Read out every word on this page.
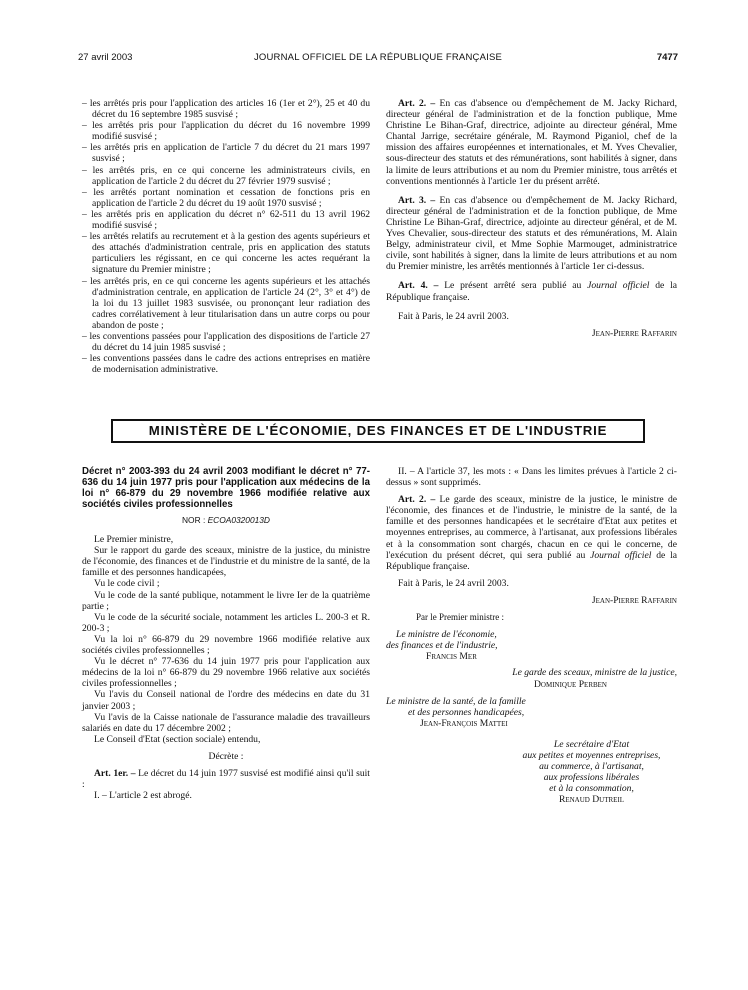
27 avril 2003	JOURNAL OFFICIEL DE LA RÉPUBLIQUE FRANÇAISE	7477

– les arrêtés pris pour l'application des articles 16 (1er et 2°), 25 et 40 du décret du 16 septembre 1985 susvisé ;

– les arrêtés pris pour l'application du décret du 16 novembre 1999 modifié susvisé ;

– les arrêtés pris en application de l'article 7 du décret du 21 mars 1997 susvisé ;

– les arrêtés pris, en ce qui concerne les administrateurs civils, en application de l'article 2 du décret du 27 février 1979 susvisé ;

– les arrêtés portant nomination et cessation de fonctions pris en application de l'article 2 du décret du 19 août 1970 susvisé ;

– les arrêtés pris en application du décret n° 62-511 du 13 avril 1962 modifié susvisé ;

– les arrêtés relatifs au recrutement et à la gestion des agents supérieurs et des attachés d'administration centrale, pris en application des statuts particuliers les régissant, en ce qui concerne les actes requérant la signature du Premier ministre ;

– les arrêtés pris, en ce qui concerne les agents supérieurs et les attachés d'administration centrale, en application de l'article 24 (2°, 3° et 4°) de la loi du 13 juillet 1983 susvisée, ou prononçant leur radiation des cadres corrélativement à leur titularisation dans un autre corps ou pour abandon de poste ;

– les conventions passées pour l'application des dispositions de l'article 27 du décret du 14 juin 1985 susvisé ;

– les conventions passées dans le cadre des actions entreprises en matière de modernisation administrative.

Art. 2. – En cas d'absence ou d'empêchement de M. Jacky Richard, directeur général de l'administration et de la fonction publique, Mme Christine Le Bihan-Graf, directrice, adjointe au directeur général, Mme Chantal Jarrige, secrétaire générale, M. Raymond Piganiol, chef de la mission des affaires européennes et internationales, et M. Yves Chevalier, sous-directeur des statuts et des rémunérations, sont habilités à signer, dans la limite de leurs attributions et au nom du Premier ministre, tous arrêtés et conventions mentionnés à l'article 1er du présent arrêté.

Art. 3. – En cas d'absence ou d'empêchement de M. Jacky Richard, directeur général de l'administration et de la fonction publique, de Mme Christine Le Bihan-Graf, directrice, adjointe au directeur général, et de M. Yves Chevalier, sous-directeur des statuts et des rémunérations, M. Alain Belgy, administrateur civil, et Mme Sophie Marmouget, administratrice civile, sont habilités à signer, dans la limite de leurs attributions et au nom du Premier ministre, les arrêtés mentionnés à l'article 1er ci-dessus.

Art. 4. – Le présent arrêté sera publié au Journal officiel de la République française.

Fait à Paris, le 24 avril 2003.

Jean-Pierre Raffarin

MINISTÈRE DE L'ÉCONOMIE, DES FINANCES ET DE L'INDUSTRIE

Décret n° 2003-393 du 24 avril 2003 modifiant le décret n° 77-636 du 14 juin 1977 pris pour l'application aux médecins de la loi n° 66-879 du 29 novembre 1966 modifiée relative aux sociétés civiles professionnelles

NOR : ECOA0320013D

Le Premier ministre,

Sur le rapport du garde des sceaux, ministre de la justice, du ministre de l'économie, des finances et de l'industrie et du ministre de la santé, de la famille et des personnes handicapées,

Vu le code civil ;

Vu le code de la santé publique, notamment le livre Ier de la quatrième partie ;

Vu le code de la sécurité sociale, notamment les articles L. 200-3 et R. 200-3 ;

Vu la loi n° 66-879 du 29 novembre 1966 modifiée relative aux sociétés civiles professionnelles ;

Vu le décret n° 77-636 du 14 juin 1977 pris pour l'application aux médecins de la loi n° 66-879 du 29 novembre 1966 relative aux sociétés civiles professionnelles ;

Vu l'avis du Conseil national de l'ordre des médecins en date du 31 janvier 2003 ;

Vu l'avis de la Caisse nationale de l'assurance maladie des travailleurs salariés en date du 17 décembre 2002 ;

Le Conseil d'Etat (section sociale) entendu,

Décrète :

Art. 1er. – Le décret du 14 juin 1977 susvisé est modifié ainsi qu'il suit :

I. – L'article 2 est abrogé.

II. – A l'article 37, les mots : « Dans les limites prévues à l'article 2 ci-dessus » sont supprimés.

Art. 2. – Le garde des sceaux, ministre de la justice, le ministre de l'économie, des finances et de l'industrie, le ministre de la santé, de la famille et des personnes handicapées et le secrétaire d'Etat aux petites et moyennes entreprises, au commerce, à l'artisanat, aux professions libérales et à la consommation sont chargés, chacun en ce qui le concerne, de l'exécution du présent décret, qui sera publié au Journal officiel de la République française.

Fait à Paris, le 24 avril 2003.

Jean-Pierre Raffarin

Par le Premier ministre :

Le ministre de l'économie,

des finances et de l'industrie,

Francis Mer

Le garde des sceaux, ministre de la justice,

Dominique Perben

Le ministre de la santé, de la famille

et des personnes handicapées,

Jean-François Mattei

Le secrétaire d'Etat

aux petites et moyennes entreprises,

au commerce, à l'artisanat,

aux professions libérales

et à la consommation,

Renaud Dutreil
